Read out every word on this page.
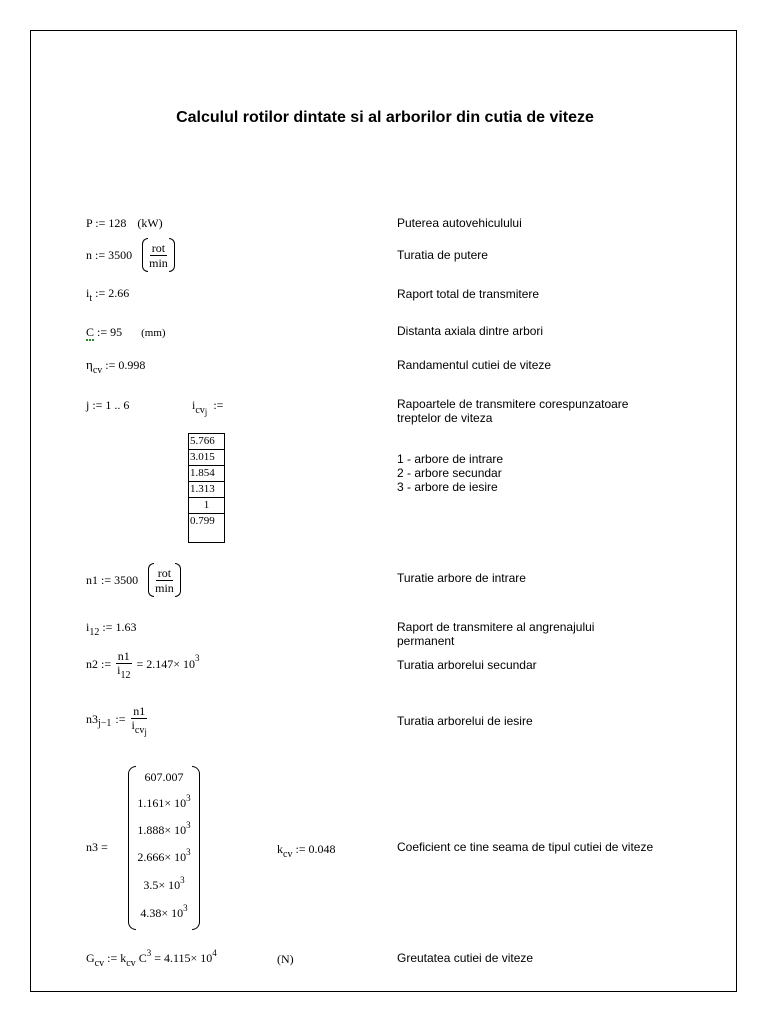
Calculul rotilor dintate si al arborilor din cutia de viteze
P := 128 (kW)	Puterea autovehiculului
n := $3500 \frac{\text{rot}}{\min}$	Turatia de putere
$i_t$ := 2.66	Raport total de transmitere
C := 95 (mm)	Distanta axiala dintre arbori
$\eta_{cv}$ := 0.998	Randamentul cutiei de viteze
j := 1 .. 6	$i_{cvj}$ :=	Rapoartele de transmitere corespunzatoare
treptelor de viteza
5.766
3.015
1.854
1.313
1
0.799
1 - arbore de intrare
2 - arbore secundar
3 - arbore de iesire
n1 := $3500 \frac{\text{rot}}{\min}$	Turatie arbore de intrare
$i_{12}$ := 1.63	Raport de transmitere al angrenajului
permanent
n2 := $\frac{n1}{i_{12}} = 2.147\times 10$ 3	Turatia arborelui secundar
n3 j−1 := $\frac{n1}{i_{cvj}}$	Turatia arborelui de iesire
n3 =
607.007
$1.161\times 10^3$
$1.888\times 10^3$
$2.666\times 10^3$
$3.5\times 10^3$
$4.38\times 10^3$
$k_{cv}$ := 0.048	Coeficient ce tine seama de tipul cutiei de viteze
$G_{cv}$ := $k_{cv}$ $C^3 = 4.115\times 10^4$	(N)	Greutatea cutiei de viteze
